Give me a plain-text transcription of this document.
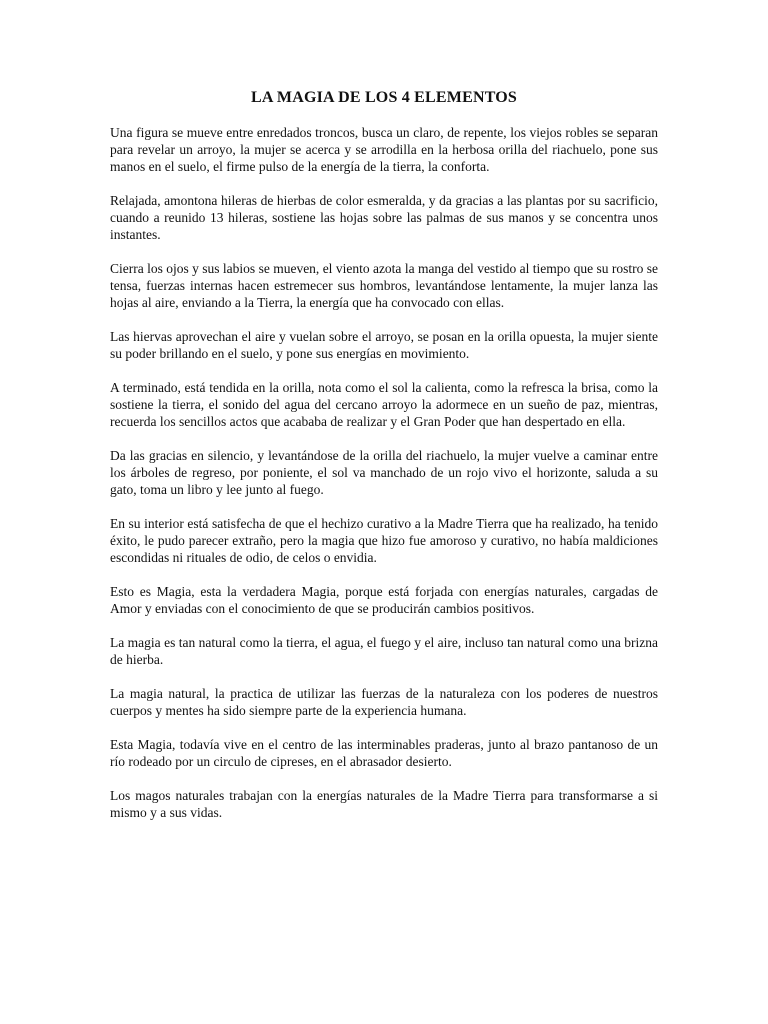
LA MAGIA DE LOS 4 ELEMENTOS

Una figura se mueve entre enredados troncos, busca un claro, de repente, los viejos robles se separan para revelar un arroyo, la mujer se acerca y se arrodilla en la herbosa orilla del riachuelo, pone sus manos en el suelo, el firme pulso de la energía de la tierra, la conforta.

Relajada, amontona hileras de hierbas de color esmeralda, y da gracias a las plantas por su sacrificio, cuando a reunido 13 hileras, sostiene las hojas sobre las palmas de sus manos y se concentra unos instantes.

Cierra los ojos y sus labios se mueven, el viento azota la manga del vestido al tiempo que su rostro se tensa, fuerzas internas hacen estremecer sus hombros, levantándose lentamente, la mujer lanza las hojas al aire, enviando a la Tierra, la energía que ha convocado con ellas.

Las hiervas aprovechan el aire y vuelan sobre el arroyo, se posan en la orilla opuesta, la mujer siente su poder brillando en el suelo, y pone sus energías en movimiento.

A terminado, está tendida en la orilla, nota como el sol la calienta, como la refresca la brisa, como la sostiene la tierra, el sonido del agua del cercano arroyo la adormece en un sueño de paz, mientras, recuerda los sencillos actos que acababa de realizar y el Gran Poder que han despertado en ella.

Da las gracias en silencio, y levantándose de la orilla del riachuelo, la mujer vuelve a caminar entre los árboles de regreso, por poniente, el sol va manchado de un rojo vivo el horizonte, saluda a su gato, toma un libro y lee junto al fuego.

En su interior está satisfecha de que el hechizo curativo a la Madre Tierra que ha realizado, ha tenido éxito, le pudo parecer extraño, pero la magia que hizo fue amoroso y curativo, no había maldiciones escondidas ni rituales de odio, de celos o envidia.

Esto es Magia, esta la verdadera Magia, porque está forjada con energías naturales, cargadas de Amor y enviadas con el conocimiento de que se producirán cambios positivos.

La magia es tan natural como la tierra, el agua, el fuego y el aire, incluso tan natural como una brizna de hierba.

La magia natural, la practica de utilizar las fuerzas de la naturaleza con los poderes de nuestros cuerpos y mentes ha sido siempre parte de la experiencia humana.

Esta Magia, todavía vive en el centro de las interminables praderas, junto al brazo pantanoso de un río rodeado por un circulo de cipreses, en el abrasador desierto.

Los magos naturales trabajan con la energías naturales de la Madre Tierra para transformarse a si mismo y a sus vidas.
